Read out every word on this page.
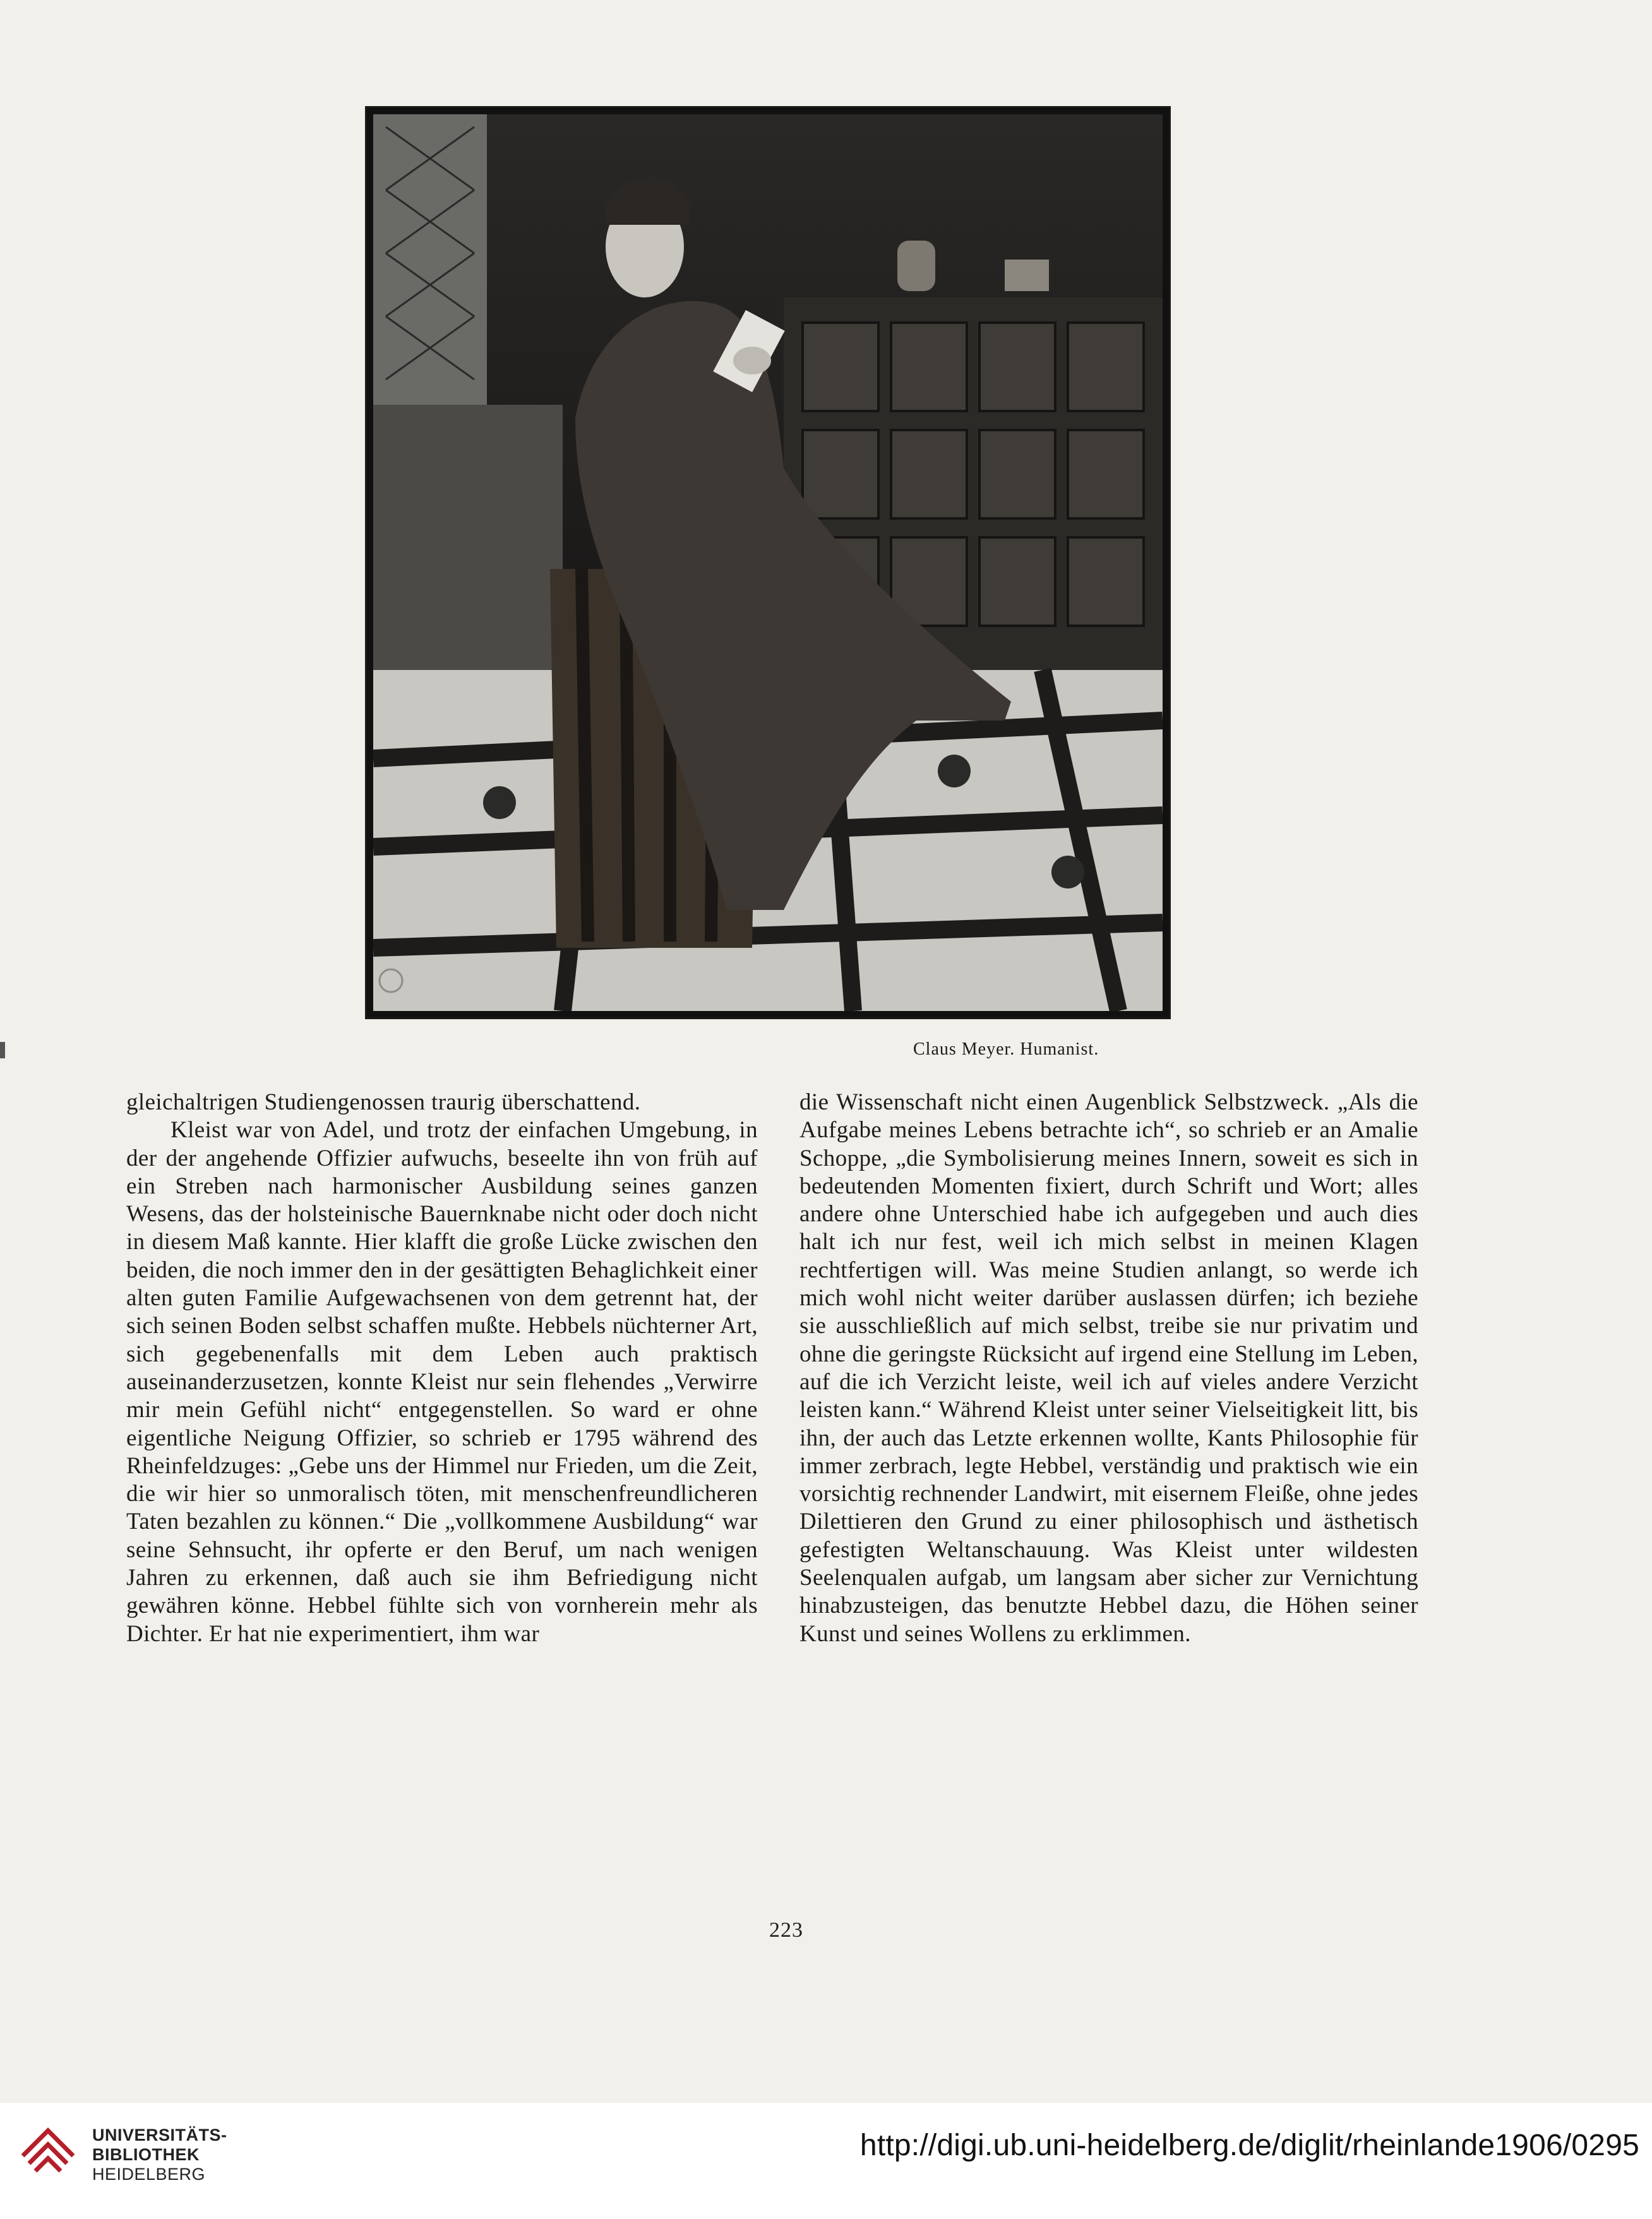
Claus Meyer. Humanist.

gleichaltrigen Studiengenossen traurig überschattend.

Kleist war von Adel, und trotz der einfachen Umgebung, in der der angehende Offizier aufwuchs, beseelte ihn von früh auf ein Streben nach harmonischer Ausbildung seines ganzen Wesens, das der holsteinische Bauernknabe nicht oder doch nicht in diesem Maß kannte. Hier klafft die große Lücke zwischen den beiden, die noch immer den in der gesättigten Behaglichkeit einer alten guten Familie Aufgewachsenen von dem getrennt hat, der sich seinen Boden selbst schaffen mußte. Hebbels nüchterner Art, sich gegebenenfalls mit dem Leben auch praktisch auseinanderzusetzen, konnte Kleist nur sein flehendes „Verwirre mir mein Gefühl nicht“ entgegenstellen. So ward er ohne eigentliche Neigung Offizier, so schrieb er 1795 während des Rheinfeldzuges: „Gebe uns der Himmel nur Frieden, um die Zeit, die wir hier so unmoralisch töten, mit menschenfreundlicheren Taten bezahlen zu können.“ Die „vollkommene Ausbildung“ war seine Sehnsucht, ihr opferte er den Beruf, um nach wenigen Jahren zu erkennen, daß auch sie ihm Befriedigung nicht gewähren könne. Hebbel fühlte sich von vornherein mehr als Dichter. Er hat nie experimentiert, ihm war

die Wissenschaft nicht einen Augenblick Selbstzweck. „Als die Aufgabe meines Lebens betrachte ich“, so schrieb er an Amalie Schoppe, „die Symbolisierung meines Innern, soweit es sich in bedeutenden Momenten fixiert, durch Schrift und Wort; alles andere ohne Unterschied habe ich aufgegeben und auch dies halt ich nur fest, weil ich mich selbst in meinen Klagen rechtfertigen will. Was meine Studien anlangt, so werde ich mich wohl nicht weiter darüber auslassen dürfen; ich beziehe sie ausschließlich auf mich selbst, treibe sie nur privatim und ohne die geringste Rücksicht auf irgend eine Stellung im Leben, auf die ich Verzicht leiste, weil ich auf vieles andere Verzicht leisten kann.“ Während Kleist unter seiner Vielseitigkeit litt, bis ihn, der auch das Letzte erkennen wollte, Kants Philosophie für immer zerbrach, legte Hebbel, verständig und praktisch wie ein vorsichtig rechnender Landwirt, mit eisernem Fleiße, ohne jedes Dilettieren den Grund zu einer philosophisch und ästhetisch gefestigten Weltanschauung. Was Kleist unter wildesten Seelenqualen aufgab, um langsam aber sicher zur Vernichtung hinabzusteigen, das benutzte Hebbel dazu, die Höhen seiner Kunst und seines Wollens zu erklimmen.

223
UNIVERSITÄTS-
BIBLIOTHEK
HEIDELBERG
http://digi.ub.uni-heidelberg.de/diglit/rheinlande1906/0295
